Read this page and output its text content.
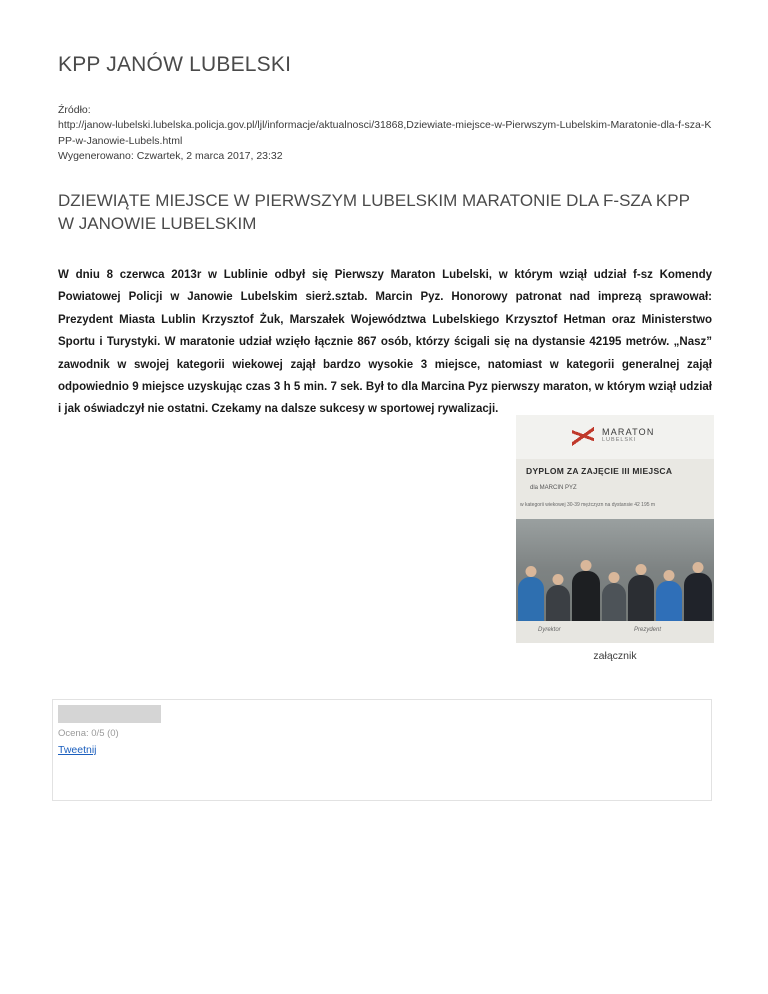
KPP JANÓW LUBELSKI
Źródło:
http://janow-lubelski.lubelska.policja.gov.pl/ljl/informacje/aktualnosci/31868,Dziewiate-miejsce-w-Pierwszym-Lubelskim-Maratonie-dla-f-sza-KPP-w-Janowie-Lubels.html
Wygenerowano: Czwartek, 2 marca 2017, 23:32
DZIEWIĄTE MIEJSCE W PIERWSZYM LUBELSKIM MARATONIE DLA F-SZA KPP W JANOWIE LUBELSKIM

W dniu 8 czerwca 2013r w Lublinie odbył się Pierwszy Maraton Lubelski, w którym wziął udział f-sz Komendy Powiatowej Policji w Janowie Lubelskim sierż.sztab. Marcin Pyz. Honorowy patronat nad imprezą sprawował: Prezydent Miasta Lublin Krzysztof Żuk, Marszałek Województwa Lubelskiego Krzysztof Hetman oraz Ministerstwo Sportu i Turystyki. W maratonie udział wzięło łącznie 867 osób, którzy ścigali się na dystansie 42195 metrów. „Nasz” zawodnik w swojej kategorii wiekowej zajął bardzo wysokie 3 miejsce, natomiast w kategorii generalnej zajął odpowiednio 9 miejsce uzyskując czas 3 h 5 min. 7 sek. Był to dla Marcina Pyz pierwszy maraton, w którym wziął udział i jak oświadczył nie ostatni. Czekamy na dalsze sukcesy w sportowej rywalizacji.

MARATON
LUBELSKI
DYPLOM ZA ZAJĘCIE III MIEJSCA
dla MARCIN PYZ
w kategorii wiekowej 30-39 mężczyzn na dystansie 42 195 m
Dyrektor	Prezydent
załącznik
Ocena: 0/5 (0)
Tweetnij
